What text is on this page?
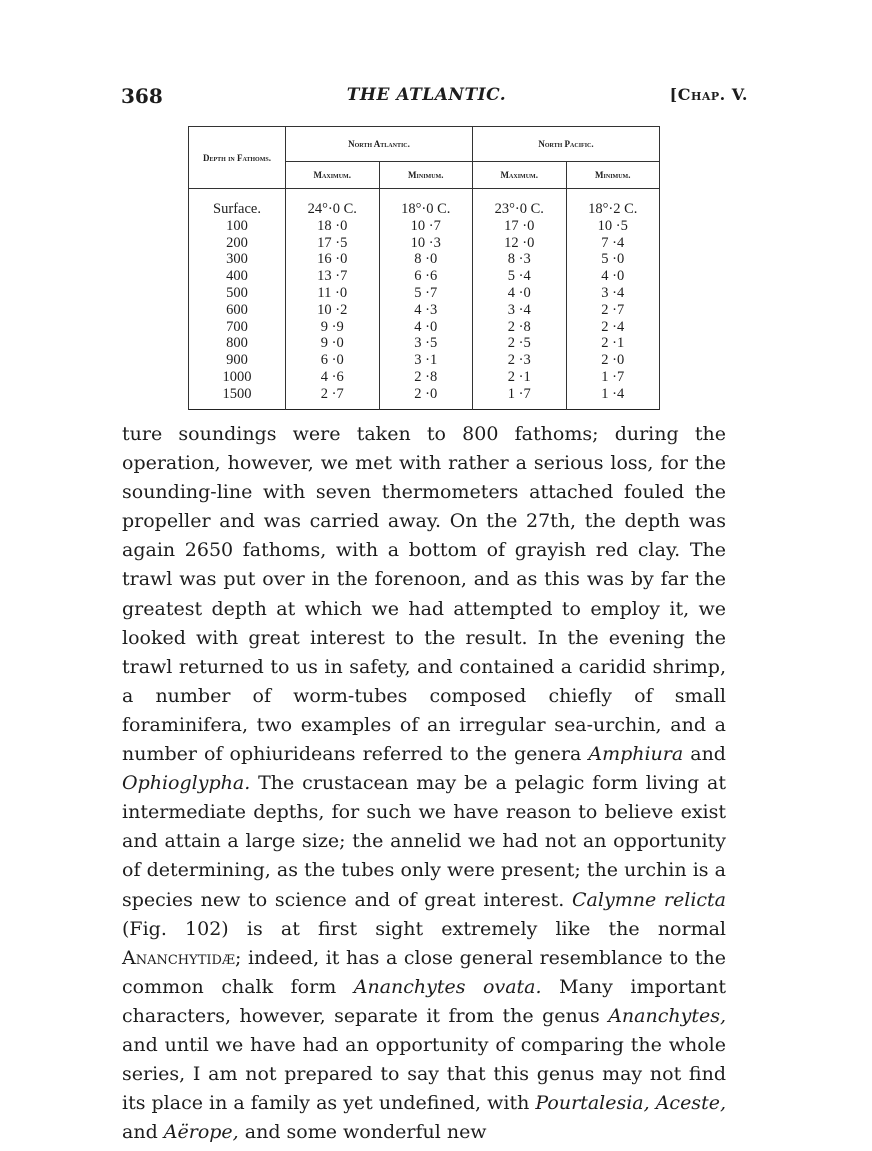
368	THE ATLANTIC.	[Chap. V.
Depth in Fathoms.	North Atlantic.		North Pacific.	
	Maximum.	Minimum.	Maximum.	Minimum.
Surface.	24°·0 C.	18°·0 C.	23°·0 C.	18°·2 C.
100	18 ·0	10 ·7	17 ·0	10 ·5
200	17 ·5	10 ·3	12 ·0	7 ·4
300	16 ·0	8 ·0	8 ·3	5 ·0
400	13 ·7	6 ·6	5 ·4	4 ·0
500	11 ·0	5 ·7	4 ·0	3 ·4
600	10 ·2	4 ·3	3 ·4	2 ·7
700	9 ·9	4 ·0	2 ·8	2 ·4
800	9 ·0	3 ·5	2 ·5	2 ·1
900	6 ·0	3 ·1	2 ·3	2 ·0
1000	4 ·6	2 ·8	2 ·1	1 ·7
1500	2 ·7	2 ·0	1 ·7	1 ·4

ture soundings were taken to 800 fathoms; during the operation, however, we met with rather a serious loss, for the sounding-line with seven thermometers attached fouled the propeller and was carried away. On the 27th, the depth was again 2650 fathoms, with a bottom of grayish red clay. The trawl was put over in the forenoon, and as this was by far the greatest depth at which we had attempted to employ it, we looked with great interest to the result. In the evening the trawl returned to us in safety, and contained a caridid shrimp, a number of worm-tubes composed chiefly of small foraminifera, two examples of an irregular sea-urchin, and a number of ophiurideans referred to the genera Amphiura and Ophioglypha. The crustacean may be a pelagic form living at intermediate depths, for such we have reason to believe exist and attain a large size; the annelid we had not an opportunity of determining, as the tubes only were present; the urchin is a species new to science and of great interest. Calymne relicta (Fig. 102) is at first sight extremely like the normal Ananchytidæ; indeed, it has a close general resemblance to the common chalk form Ananchytes ovata. Many important characters, however, separate it from the genus Ananchytes, and until we have had an opportunity of comparing the whole series, I am not prepared to say that this genus may not find its place in a family as yet undefined, with Pourtalesia, Aceste, and Aërope, and some wonderful new
